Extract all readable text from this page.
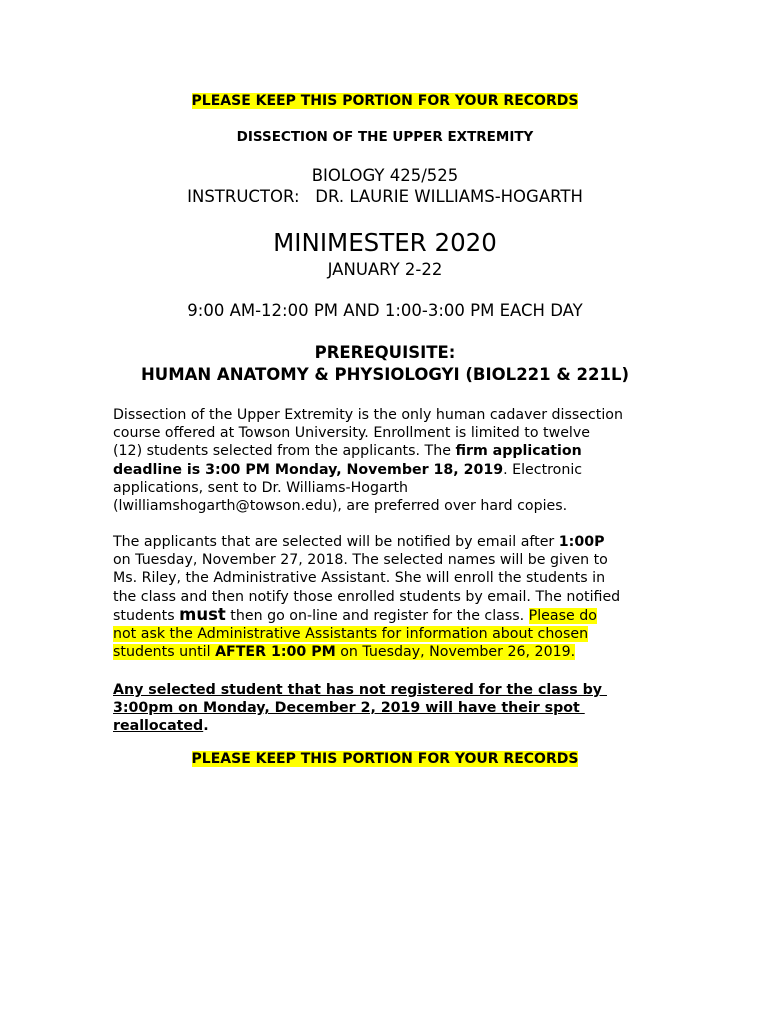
PLEASE KEEP THIS PORTION FOR YOUR RECORDS
DISSECTION OF THE UPPER EXTREMITY
BIOLOGY 425/525
INSTRUCTOR:   DR. LAURIE WILLIAMS-HOGARTH
MINIMESTER 2020
JANUARY 2-22
9:00 AM-12:00 PM AND 1:00-3:00 PM EACH DAY
PREREQUISITE:
HUMAN ANATOMY & PHYSIOLOGYI (BIOL221 & 221L)

Dissection of the Upper Extremity is the only human cadaver dissection

course offered at Towson University. Enrollment is limited to twelve

(12) students selected from the applicants. The firm application

deadline is 3:00 PM Monday, November 18, 2019. Electronic

applications, sent to Dr. Williams-Hogarth

(lwilliamshogarth@towson.edu), are preferred over hard copies.

The applicants that are selected will be notified by email after 1:00P

on Tuesday, November 27, 2018. The selected names will be given to

Ms. Riley, the Administrative Assistant. She will enroll the students in

the class and then notify those enrolled students by email. The notified

students must then go on-line and register for the class. Please do

not ask the Administrative Assistants for information about chosen

students until AFTER 1:00 PM on Tuesday, November 26, 2019.

Any selected student that has not registered for the class by

3:00pm on Monday, December 2, 2019 will have their spot

reallocated.

PLEASE KEEP THIS PORTION FOR YOUR RECORDS
